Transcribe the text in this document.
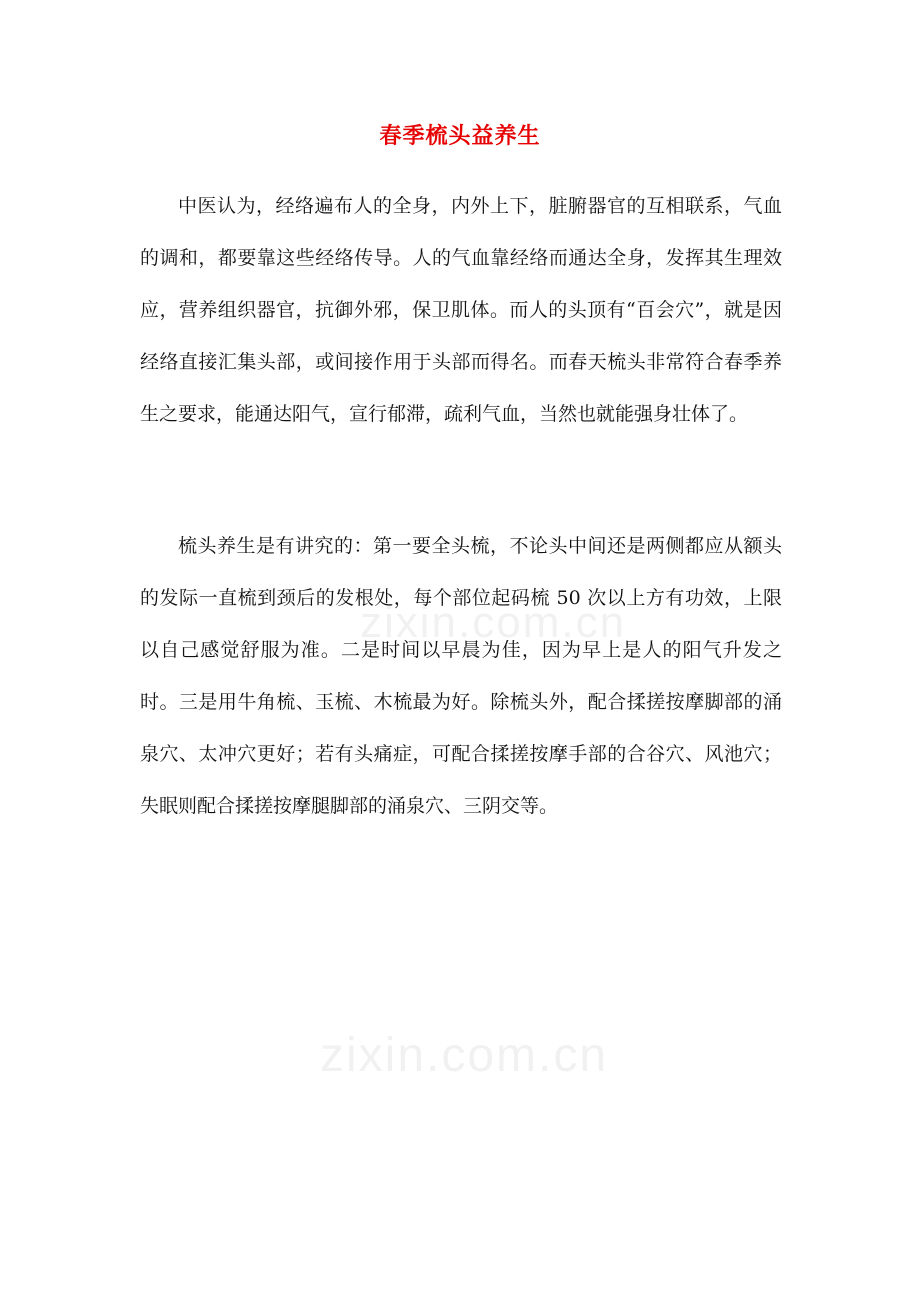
春季梳头益养生

中医认为，经络遍布人的全身，内外上下，脏腑器官的互相联系，气血的调和，都要靠这些经络传导。人的气血靠经络而通达全身，发挥其生理效应，营养组织器官，抗御外邪，保卫肌体。而人的头顶有“百会穴”，就是因经络直接汇集头部，或间接作用于头部而得名。而春天梳头非常符合春季养生之要求，能通达阳气，宣行郁滞，疏利气血，当然也就能强身壮体了。

梳头养生是有讲究的：第一要全头梳，不论头中间还是两侧都应从额头的发际一直梳到颈后的发根处，每个部位起码梳 50 次以上方有功效，上限以自己感觉舒服为准。二是时间以早晨为佳，因为早上是人的阳气升发之时。三是用牛角梳、玉梳、木梳最为好。除梳头外，配合揉搓按摩脚部的涌泉穴、太冲穴更好；若有头痛症，可配合揉搓按摩手部的合谷穴、风池穴；失眠则配合揉搓按摩腿脚部的涌泉穴、三阴交等。

zixin.com.cn
zixin.com.cn
